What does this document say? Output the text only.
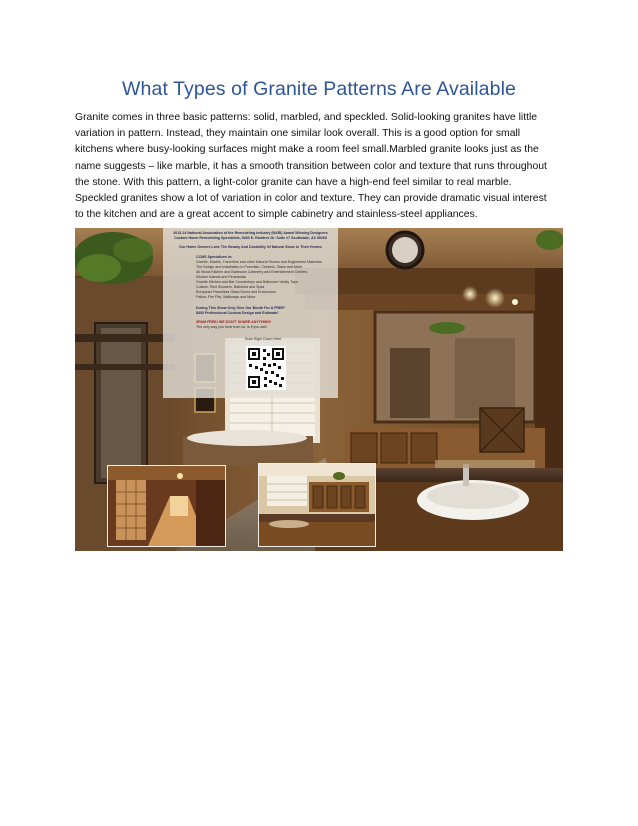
What Types of Granite Patterns Are Available
Granite comes in three basic patterns: solid, marbled, and speckled. Solid-looking granites have little
variation in pattern. Instead, they maintain one similar look overall. This is a good option for small
kitchens where busy-looking surfaces might make a room feel small.Marbled granite looks just as the
name suggests – like marble, it has a smooth transition between color and texture that runs throughout
the stone. With this pattern, a light-color granite can have a high-end feel similar to real marble.
Speckled granites show a lot of variation in color and texture. They can provide dramatic visual interest
to the kitchen and are a great accent to simple cabinetry and stainless-steel appliances.
2013-14 National Association of the Remodeling Industry (NARI) Award Winning Designers
Custom Home Remodeling Specialists, 8360 E. Raintree Dr. Suite #7 Scottsdale, AZ 85260
Our Home Owners Love The Beauty And Durability Of Natural Stone In Their Homes
CCMS Specializes in:
Granite, Marble, Travertine and other Natural Stones and Engineered Materials
The Design and Installation in Porcelain, Ceramic, Glass and More
All Wood Kitchen and Bathroom Cabinetry and Entertainment Centers
Kitchen Islands and Peninsulas
Granite Kitchen and Bar Countertops and Bathroom Vanity Tops
Custom Tiled Showers, Bathtubs and Spas
European Frameless Glass Doors and Enclosures
Patios, Fire Pits, Walkways and More
During This Show Only Give Our Booth For A FREE*
$400 Professional Custom Design and Estimate!
SPAM FREE! WE DON'T SHARE ANYTHING!
The only way you hear from us, is if you ask!
Scan Right Down Here
